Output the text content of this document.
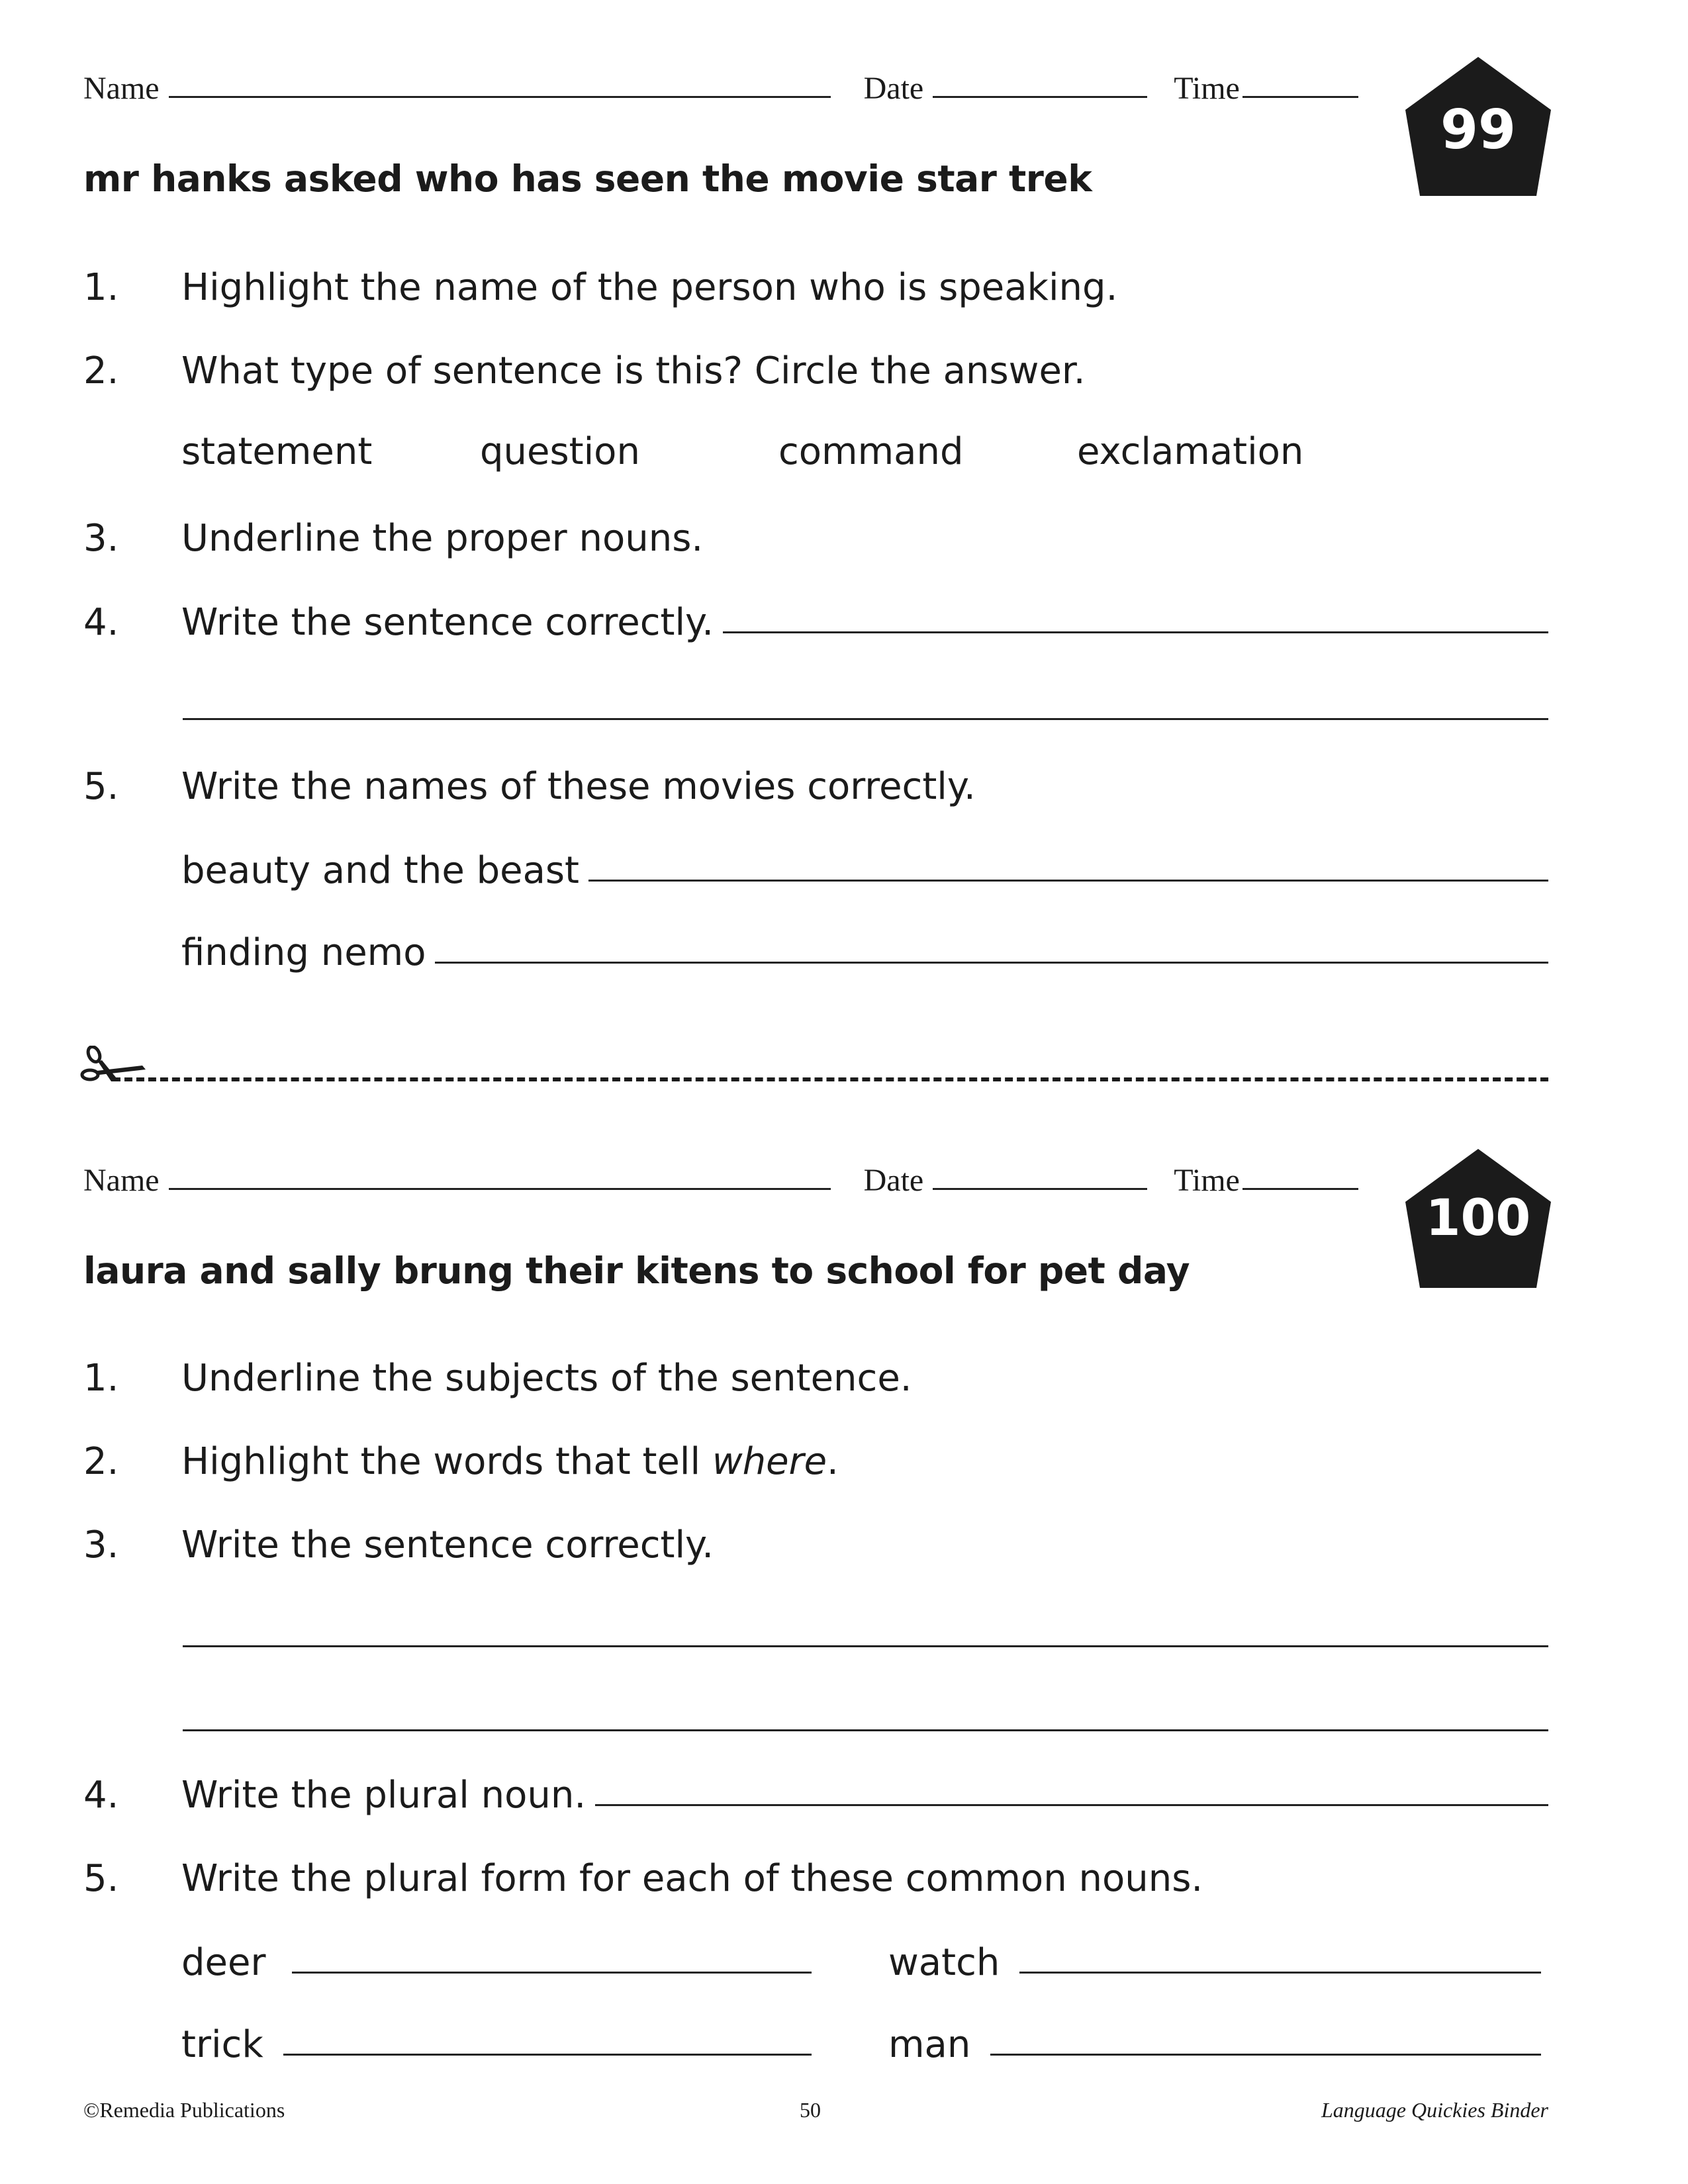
Name	Date	Time
99
mr hanks asked who has seen the movie star trek
1.	Highlight the name of the person who is speaking.
2.	What type of sentence is this? Circle the answer.
statement	question	command	exclamation
3.	Underline the proper nouns.
4.	Write the sentence correctly.
5.	Write the names of these movies correctly.
beauty and the beast
finding nemo
Name	Date	Time
100
laura and sally brung their kitens to school for pet day
1.	Underline the subjects of the sentence.
2.	Highlight the words that tell where .
3.	Write the sentence correctly.
4.	Write the plural noun.
5.	Write the plural form for each of these common nouns.
deer	watch
trick	man
©Remedia Publications	50	Language Quickies Binder
